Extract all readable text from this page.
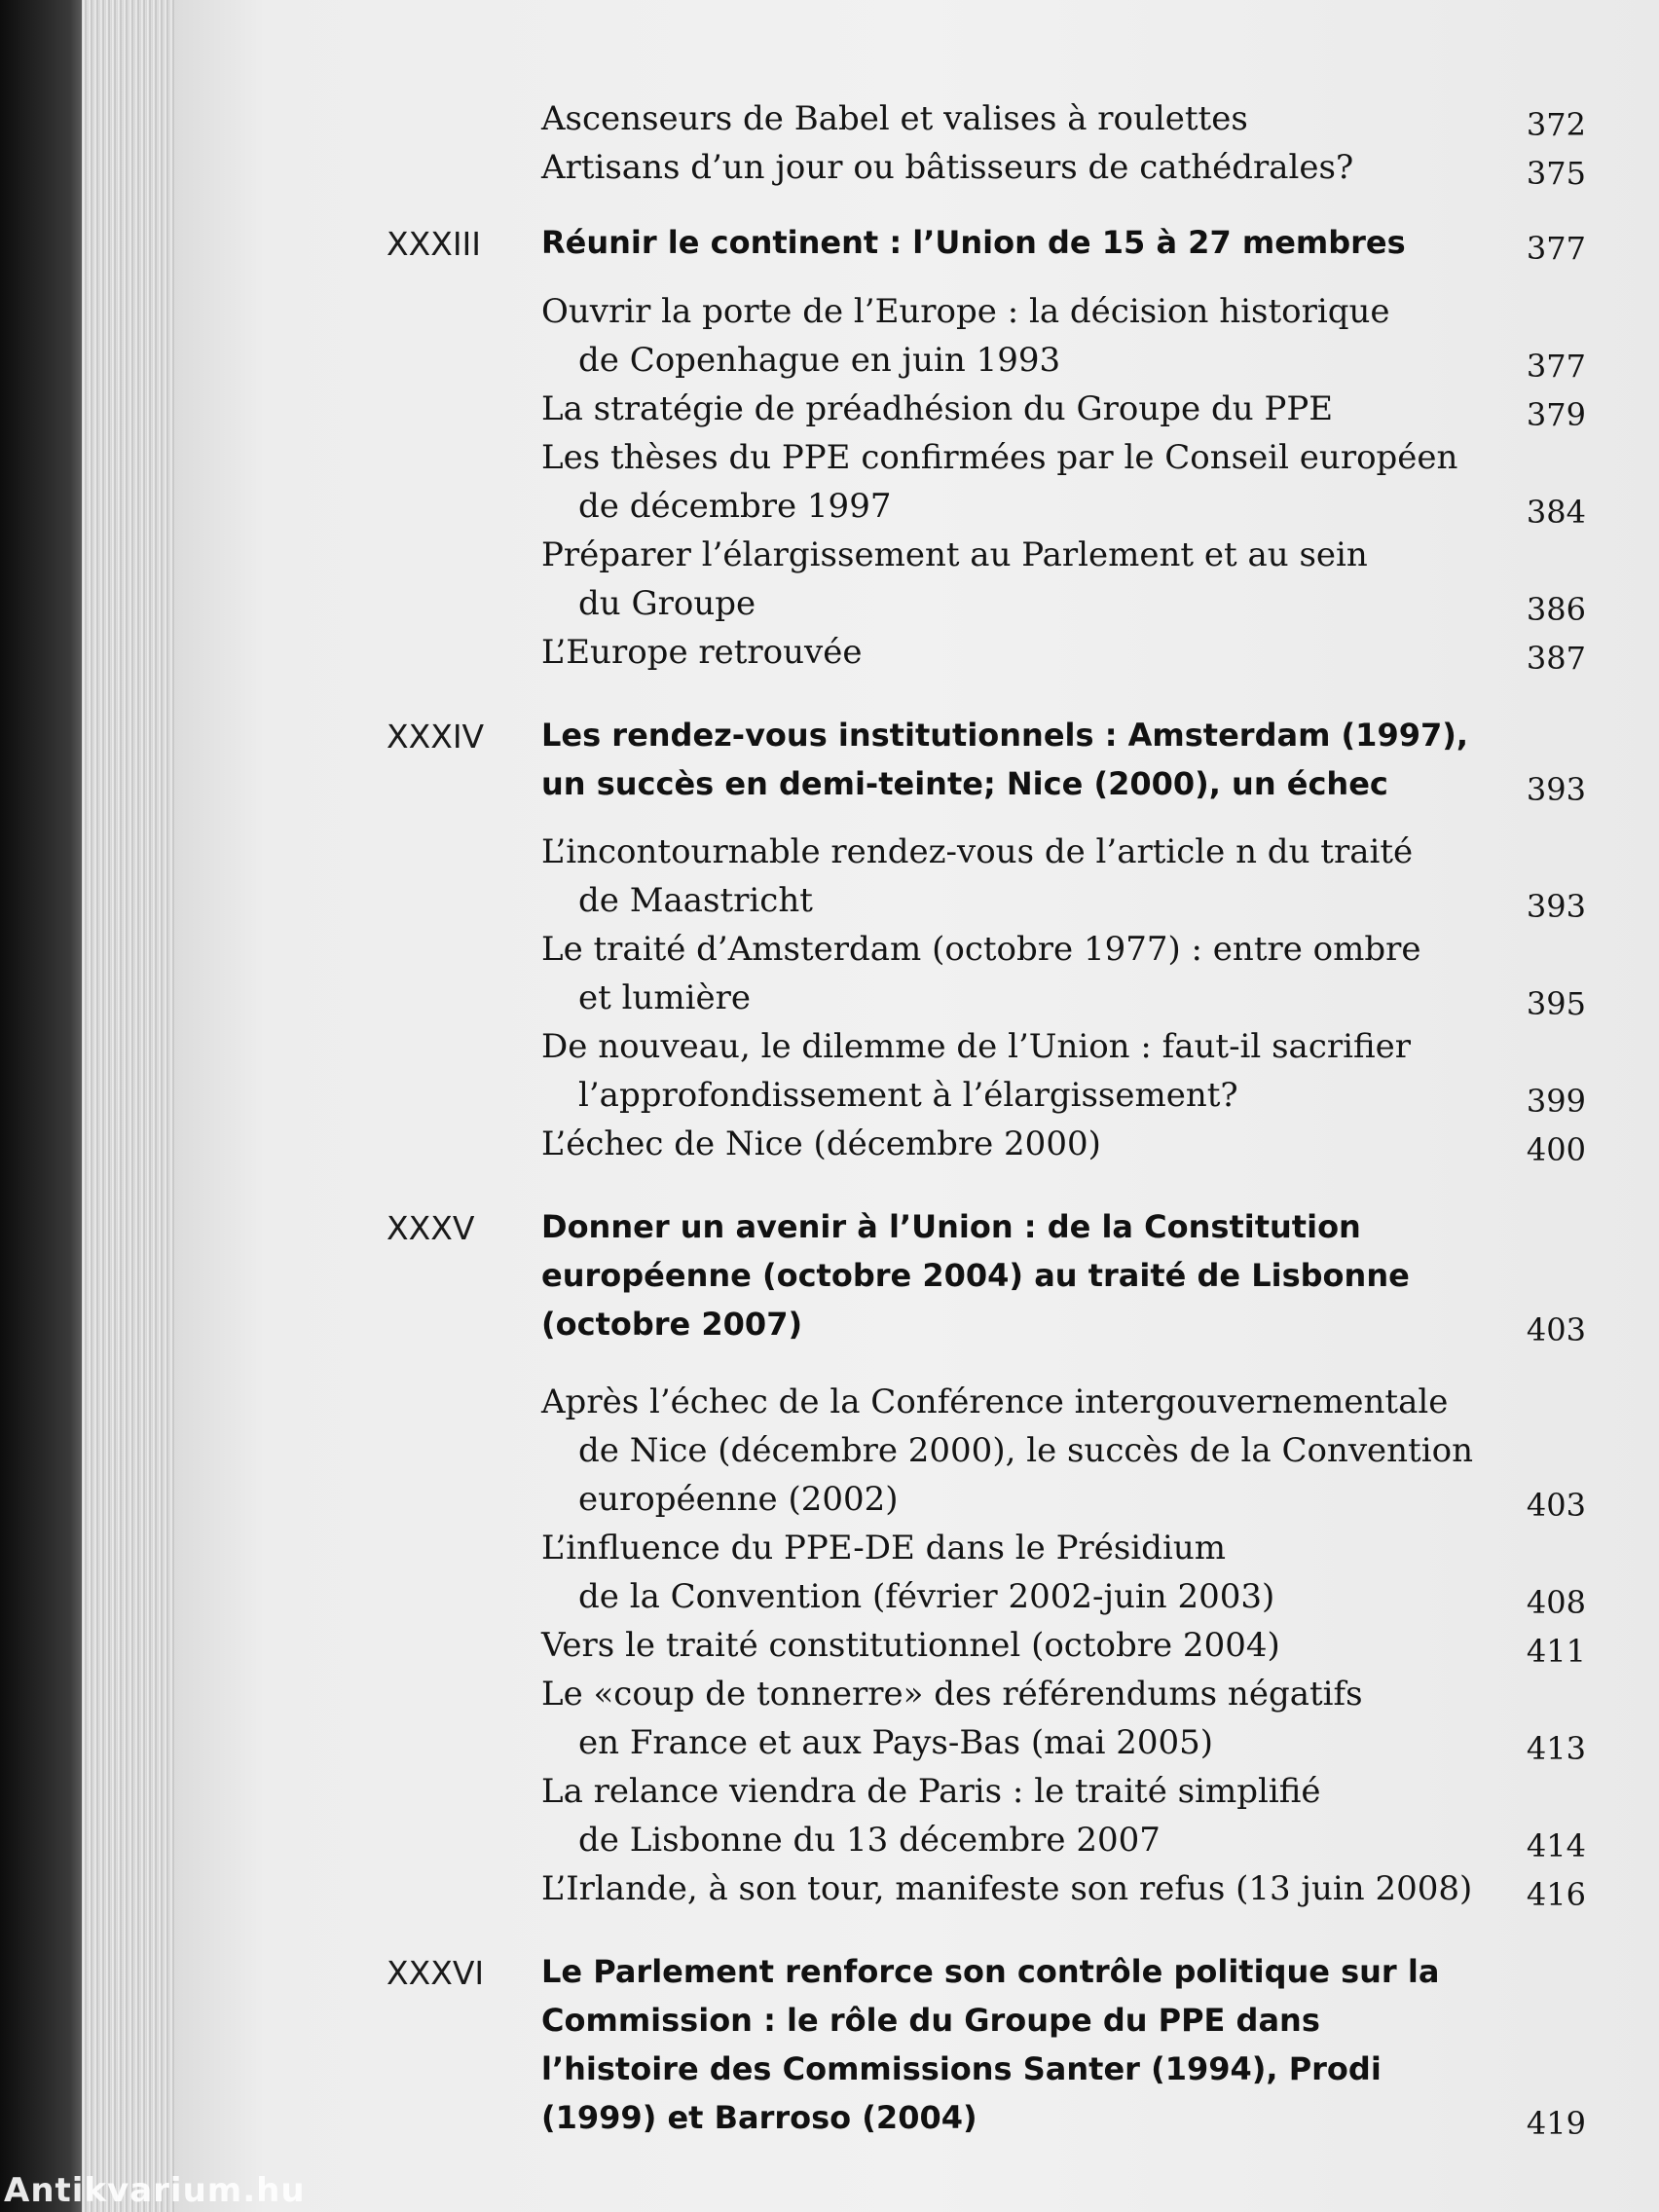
Ascenseurs de Babel et valises à roulettes	372
Artisans d’un jour ou bâtisseurs de cathédrales?	375
XXXIII Réunir le continent : l’Union de 15 à 27 membres	377
Ouvrir la porte de l’Europe : la décision historique
de Copenhague en juin 1993	377
La stratégie de préadhésion du Groupe du PPE	379
Les thèses du PPE confirmées par le Conseil européen
de décembre 1997	384
Préparer l’élargissement au Parlement et au sein
du Groupe	386
L’Europe retrouvée	387
XXXIV Les rendez-vous institutionnels : Amsterdam (1997), un succès en demi-teinte; Nice (2000), un échec	393
L’incontournable rendez-vous de l’article n du traité
de Maastricht	393
Le traité d’Amsterdam (octobre 1977) : entre ombre
et lumière	395
De nouveau, le dilemme de l’Union : faut-il sacrifier
l’approfondissement à l’élargissement?	399
L’échec de Nice (décembre 2000)	400
XXXV Donner un avenir à l’Union : de la Constitution européenne (octobre 2004) au traité de Lisbonne (octobre 2007)	403
Après l’échec de la Conférence intergouvernementale
de Nice (décembre 2000), le succès de la Convention
européenne (2002)	403
L’influence du PPE-DE dans le Présidium
de la Convention (février 2002-juin 2003)	408
Vers le traité constitutionnel (octobre 2004)	411
Le «coup de tonnerre» des référendums négatifs
en France et aux Pays-Bas (mai 2005)	413
La relance viendra de Paris : le traité simplifié
de Lisbonne du 13 décembre 2007	414
L’Irlande, à son tour, manifeste son refus (13 juin 2008)	416
XXXVI Le Parlement renforce son contrôle politique sur la Commission : le rôle du Groupe du PPE dans l’histoire des Commissions Santer (1994), Prodi (1999) et Barroso (2004)	419
Antikvarium.hu
